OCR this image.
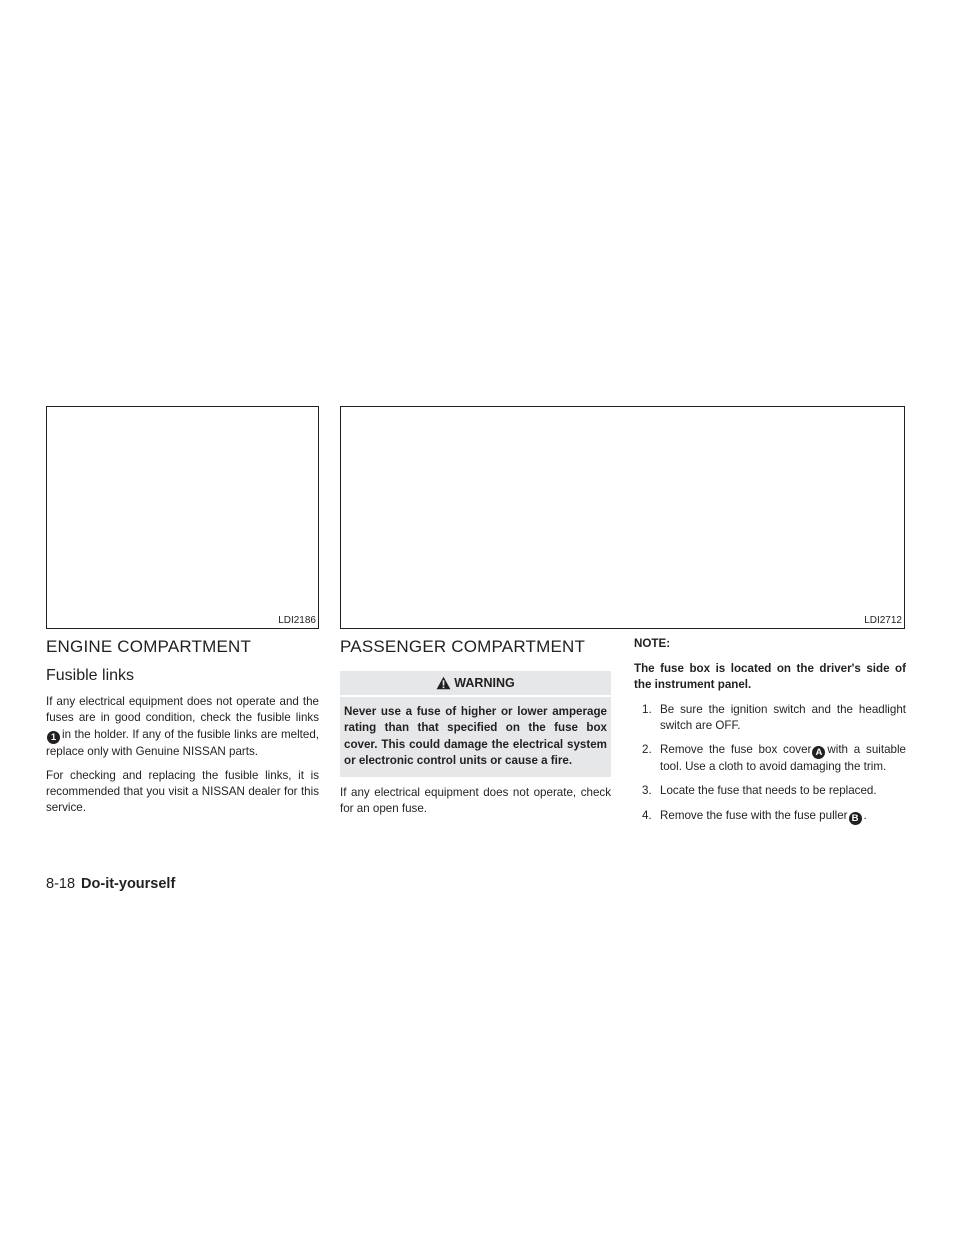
LDI2186	LDI2712
ENGINE COMPARTMENT
Fusible links

If any electrical equipment does not operate and the fuses are in good condition, check the fusible links1 in the holder. If any of the fusible links are melted, replace only with Genuine NISSAN parts.

For checking and replacing the fusible links, it is recommended that you visit a NISSAN dealer for this service.

PASSENGER COMPARTMENT
WARNING
Never use a fuse of higher or lower amperage rating than that specified on the fuse box cover. This could damage the electrical system or electronic control units or cause a fire.

If any electrical equipment does not operate, check for an open fuse.

NOTE:

The fuse box is located on the driver's side of the instrument panel.

1. Be sure the ignition switch and the headlight switch are OFF.
2. Remove the fuse box cover A with a suitable tool. Use a cloth to avoid damaging the trim.
3. Locate the fuse that needs to be replaced.
4. Remove the fuse with the fuse puller B .
8-18 Do-it-yourself
